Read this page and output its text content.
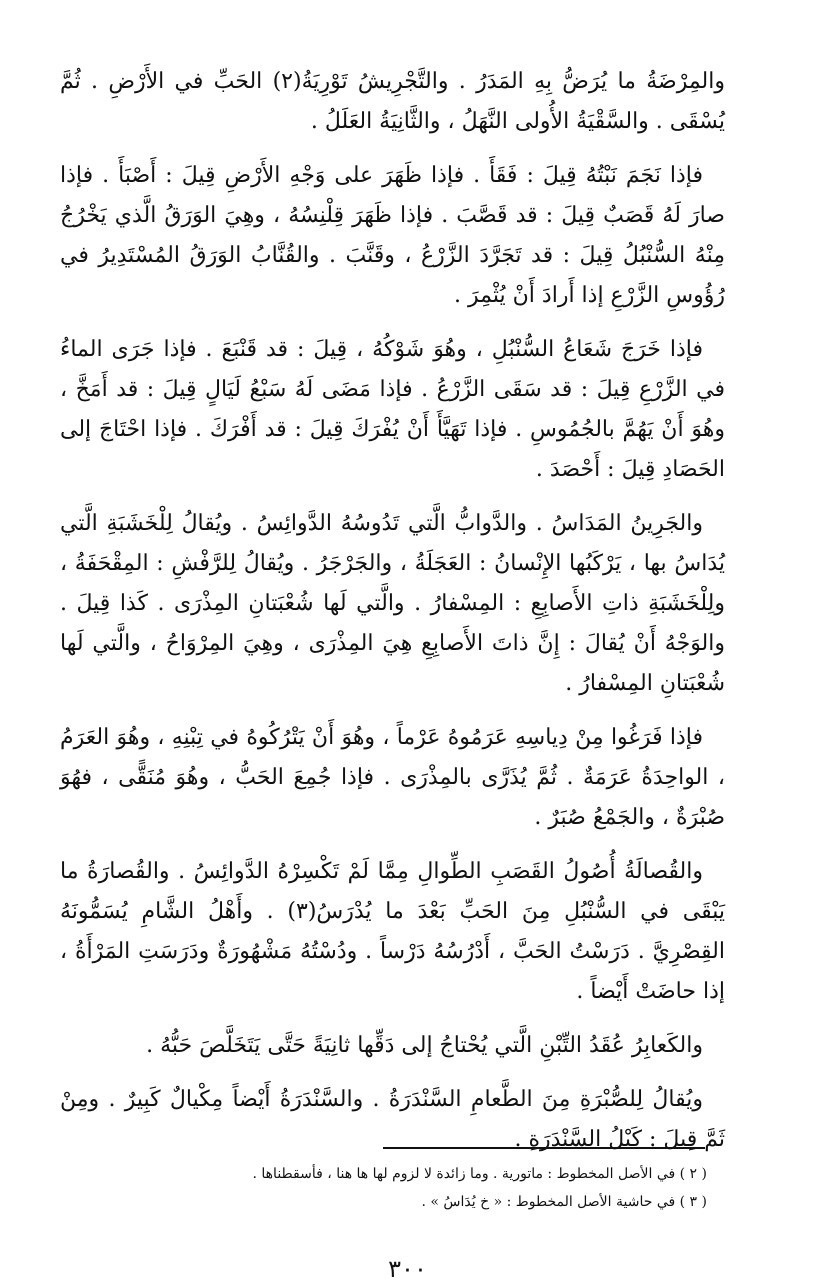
والمِرْضَةُ ما يُرَضُّ بِهِ المَدَرُ . والتَّجْرِيشُ تَوْرِيَةُ(٢) الحَبِّ في الأَرْضِ . ثُمَّ يُسْقَى . والسَّقْيَةُ الأُولى النَّهَلُ ، والثَّانِيَةُ العَلَلُ .

فإذا نَجَمَ نَبْتُهُ قِيلَ : فَقَأَ . فإذا ظَهَرَ على وَجْهِ الأَرْضِ قِيلَ : أَصْبَأَ . فإذا صارَ لَهُ قَصَبٌ قِيلَ : قد قَصَّبَ . فإذا ظَهَرَ قِلْنِسُهُ ، وهِيَ الوَرَقُ الَّذي يَخْرُجُ مِنْهُ السُّنْبُلُ قِيلَ : قد تَجَرَّدَ الزَّرْعُ ، وقَنَّبَ . والقُنَّابُ الوَرَقُ المُسْتَدِيرُ في رُؤُوسِ الزَّرْعِ إذا أَرادَ أَنْ يُثْمِرَ .

فإذا خَرَجَ شَعَاعُ السُّنْبُلِ ، وهُوَ شَوْكُهُ ، قِيلَ : قد قَنْبَعَ . فإذا جَرَى الماءُ في الزَّرْعِ قِيلَ : قد سَقَى الزَّرْعُ . فإذا مَضَى لَهُ سَبْعُ لَيَالٍ قِيلَ : قد أَمَخَّ ، وهُوَ أَنْ يَهُمَّ بالجُمُوسِ . فإذا تَهَيَّأَ أَنْ يُفْرَكَ قِيلَ : قد أَفْرَكَ . فإذا احْتَاجَ إلى الحَصَادِ قِيلَ : أَحْصَدَ .

والجَرِينُ المَدَاسُ . والدَّوابُّ الَّتي تَدُوسُهُ الدَّوائِسُ . ويُقالُ لِلْخَشَبَةِ الَّتي يُدَاسُ بها ، يَرْكَبُها الإِنْسانُ : العَجَلَةُ ، والجَرْجَرُ . ويُقالُ لِلرَّفْشِ : المِقْحَفَةُ ، ولِلْخَشَبَةِ ذاتِ الأَصابِعِ : المِسْفارُ . والَّتي لَها شُعْبَتانِ المِذْرَى . كَذا قِيلَ . والوَجْهُ أَنْ يُقالَ : إِنَّ ذاتَ الأَصابِعِ هِيَ المِذْرَى ، وهِيَ المِرْوَاحُ ، والَّتي لَها شُعْبَتانِ المِسْفارُ .

فإذا فَرَغُوا مِنْ دِياسِهِ عَرَمُوهُ عَرْماً ، وهُوَ أَنْ يَتْرُكُوهُ في تِبْنِهِ ، وهُوَ العَرَمُ ، الواحِدَةُ عَرَمَةٌ . ثُمَّ يُذَرَّى بالمِذْرَى . فإذا جُمِعَ الحَبُّ ، وهُوَ مُنَقًّى ، فهُوَ صُبْرَةٌ ، والجَمْعُ صُبَرٌ .

والقُصالَةُ أُصُولُ القَصَبِ الطِّوالِ مِمَّا لَمْ تَكْسِرْهُ الدَّوائِسُ . والقُصارَةُ ما يَبْقَى في السُّنْبُلِ مِنَ الحَبِّ بَعْدَ ما يُدْرَسُ(٣) . وأَهْلُ الشَّامِ يُسَمُّونَهُ القِصْرِيَّ . دَرَسْتُ الحَبَّ ، أَدْرُسُهُ دَرْساً . ودُسْتُهُ مَشْهُورَةٌ ودَرَسَتِ المَرْأَةُ ، إذا حاضَتْ أَيْضاً .

والكَعابِرُ عُقَدُ التِّبْنِ الَّتي يُحْتاجُ إلى دَقِّها ثانِيَةً حَتَّى يَتَخَلَّصَ حَبُّهُ .

ويُقالُ لِلصُّبْرَةِ مِنَ الطَّعامِ السَّنْدَرَةُ . والسَّنْدَرَةُ أَيْضاً مِكْيالٌ كَبِيرٌ . ومِنْ ثَمَّ قِيلَ : كَيْلُ السَّنْدَرَةِ .

( ٢ ) في الأصل المخطوط : ماتورية . وما زائدة لا لزوم لها ها هنا ، فأسقطناها .

( ٣ ) في حاشية الأصل المخطوط : « خ يُدَاسُ » .

٣٠٠
